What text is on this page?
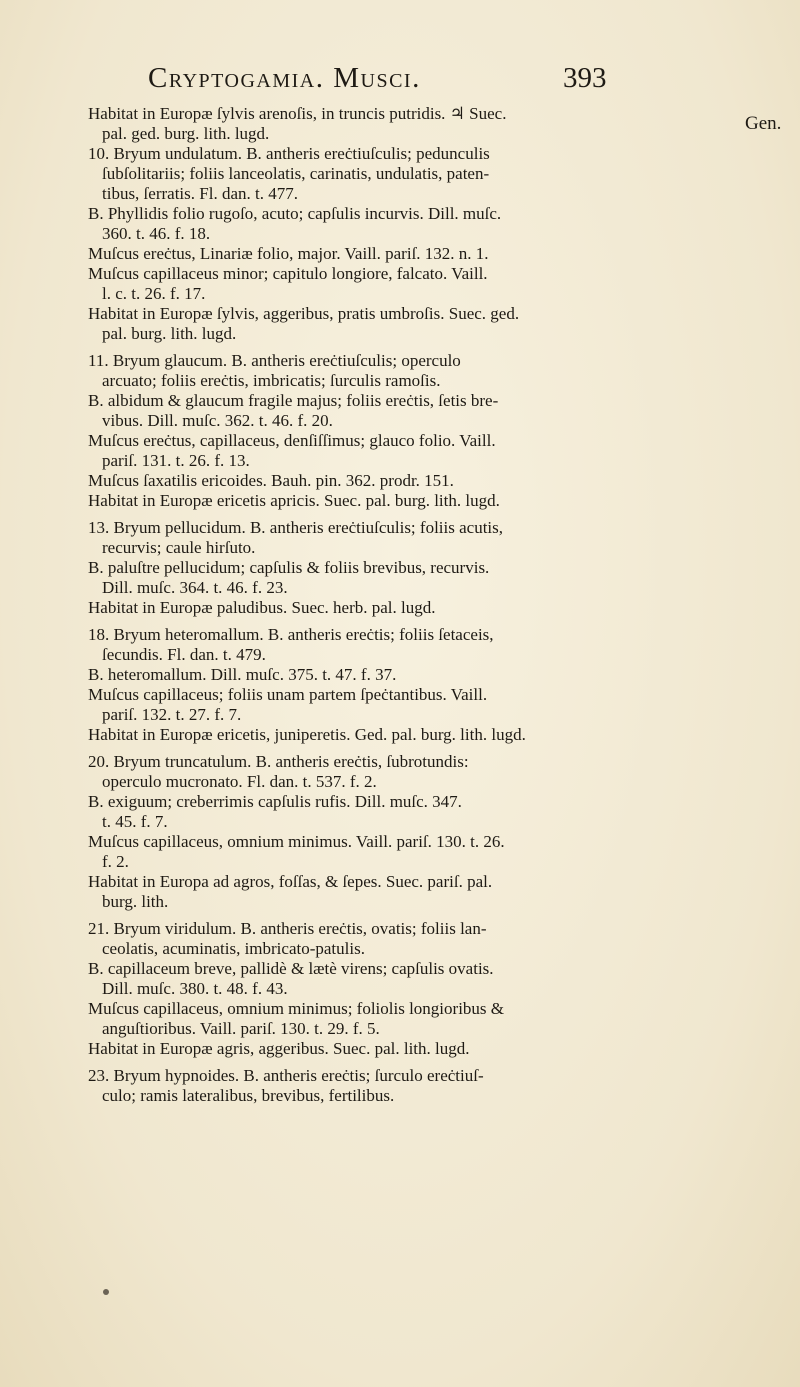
Cryptogamia. Musci.	393
Gen.
Habitat in Europæ ſylvis arenoſis, in truncis putridis. ♃ Suec.
pal. ged. burg. lith. lugd.
10. Bryum undulatum. B. antheris ereċtiuſculis; pedunculis
ſubſolitariis; foliis lanceolatis, carinatis, undulatis, paten-
tibus, ſerratis. Fl. dan. t. 477.
B. Phyllidis folio rugoſo, acuto; capſulis incurvis. Dill. muſc.
360. t. 46. f. 18.
Muſcus ereċtus, Linariæ folio, major. Vaill. pariſ. 132. n. 1.
Muſcus capillaceus minor; capitulo longiore, falcato. Vaill.
l. c. t. 26. f. 17.
Habitat in Europæ ſylvis, aggeribus, pratis umbroſis. Suec. ged.
pal. burg. lith. lugd.
11. Bryum glaucum. B. antheris ereċtiuſculis; operculo
arcuato; foliis ereċtis, imbricatis; ſurculis ramoſis.
B. albidum & glaucum fragile majus; foliis ereċtis, ſetis bre-
vibus. Dill. muſc. 362. t. 46. f. 20.
Muſcus ereċtus, capillaceus, denſiſſimus; glauco folio. Vaill.
pariſ. 131. t. 26. f. 13.
Muſcus ſaxatilis ericoides. Bauh. pin. 362. prodr. 151.
Habitat in Europæ ericetis apricis. Suec. pal. burg. lith. lugd.
13. Bryum pellucidum. B. antheris ereċtiuſculis; foliis acutis,
recurvis; caule hirſuto.
B. paluſtre pellucidum; capſulis & foliis brevibus, recurvis.
Dill. muſc. 364. t. 46. f. 23.
Habitat in Europæ paludibus. Suec. herb. pal. lugd.
18. Bryum heteromallum. B. antheris ereċtis; foliis ſetaceis,
ſecundis. Fl. dan. t. 479.
B. heteromallum. Dill. muſc. 375. t. 47. f. 37.
Muſcus capillaceus; foliis unam partem ſpeċtantibus. Vaill.
pariſ. 132. t. 27. f. 7.
Habitat in Europæ ericetis, juniperetis. Ged. pal. burg. lith. lugd.
20. Bryum truncatulum. B. antheris ereċtis, ſubrotundis:
operculo mucronato. Fl. dan. t. 537. f. 2.
B. exiguum; creberrimis capſulis rufis. Dill. muſc. 347.
t. 45. f. 7.
Muſcus capillaceus, omnium minimus. Vaill. pariſ. 130. t. 26.
f. 2.
Habitat in Europa ad agros, foſſas, & ſepes. Suec. pariſ. pal.
burg. lith.
21. Bryum viridulum. B. antheris ereċtis, ovatis; foliis lan-
ceolatis, acuminatis, imbricato-patulis.
B. capillaceum breve, pallidè & lætè virens; capſulis ovatis.
Dill. muſc. 380. t. 48. f. 43.
Muſcus capillaceus, omnium minimus; foliolis longioribus &
anguſtioribus. Vaill. pariſ. 130. t. 29. f. 5.
Habitat in Europæ agris, aggeribus. Suec. pal. lith. lugd.
23. Bryum hypnoides. B. antheris ereċtis; ſurculo ereċtiuſ-
culo; ramis lateralibus, brevibus, fertilibus.
